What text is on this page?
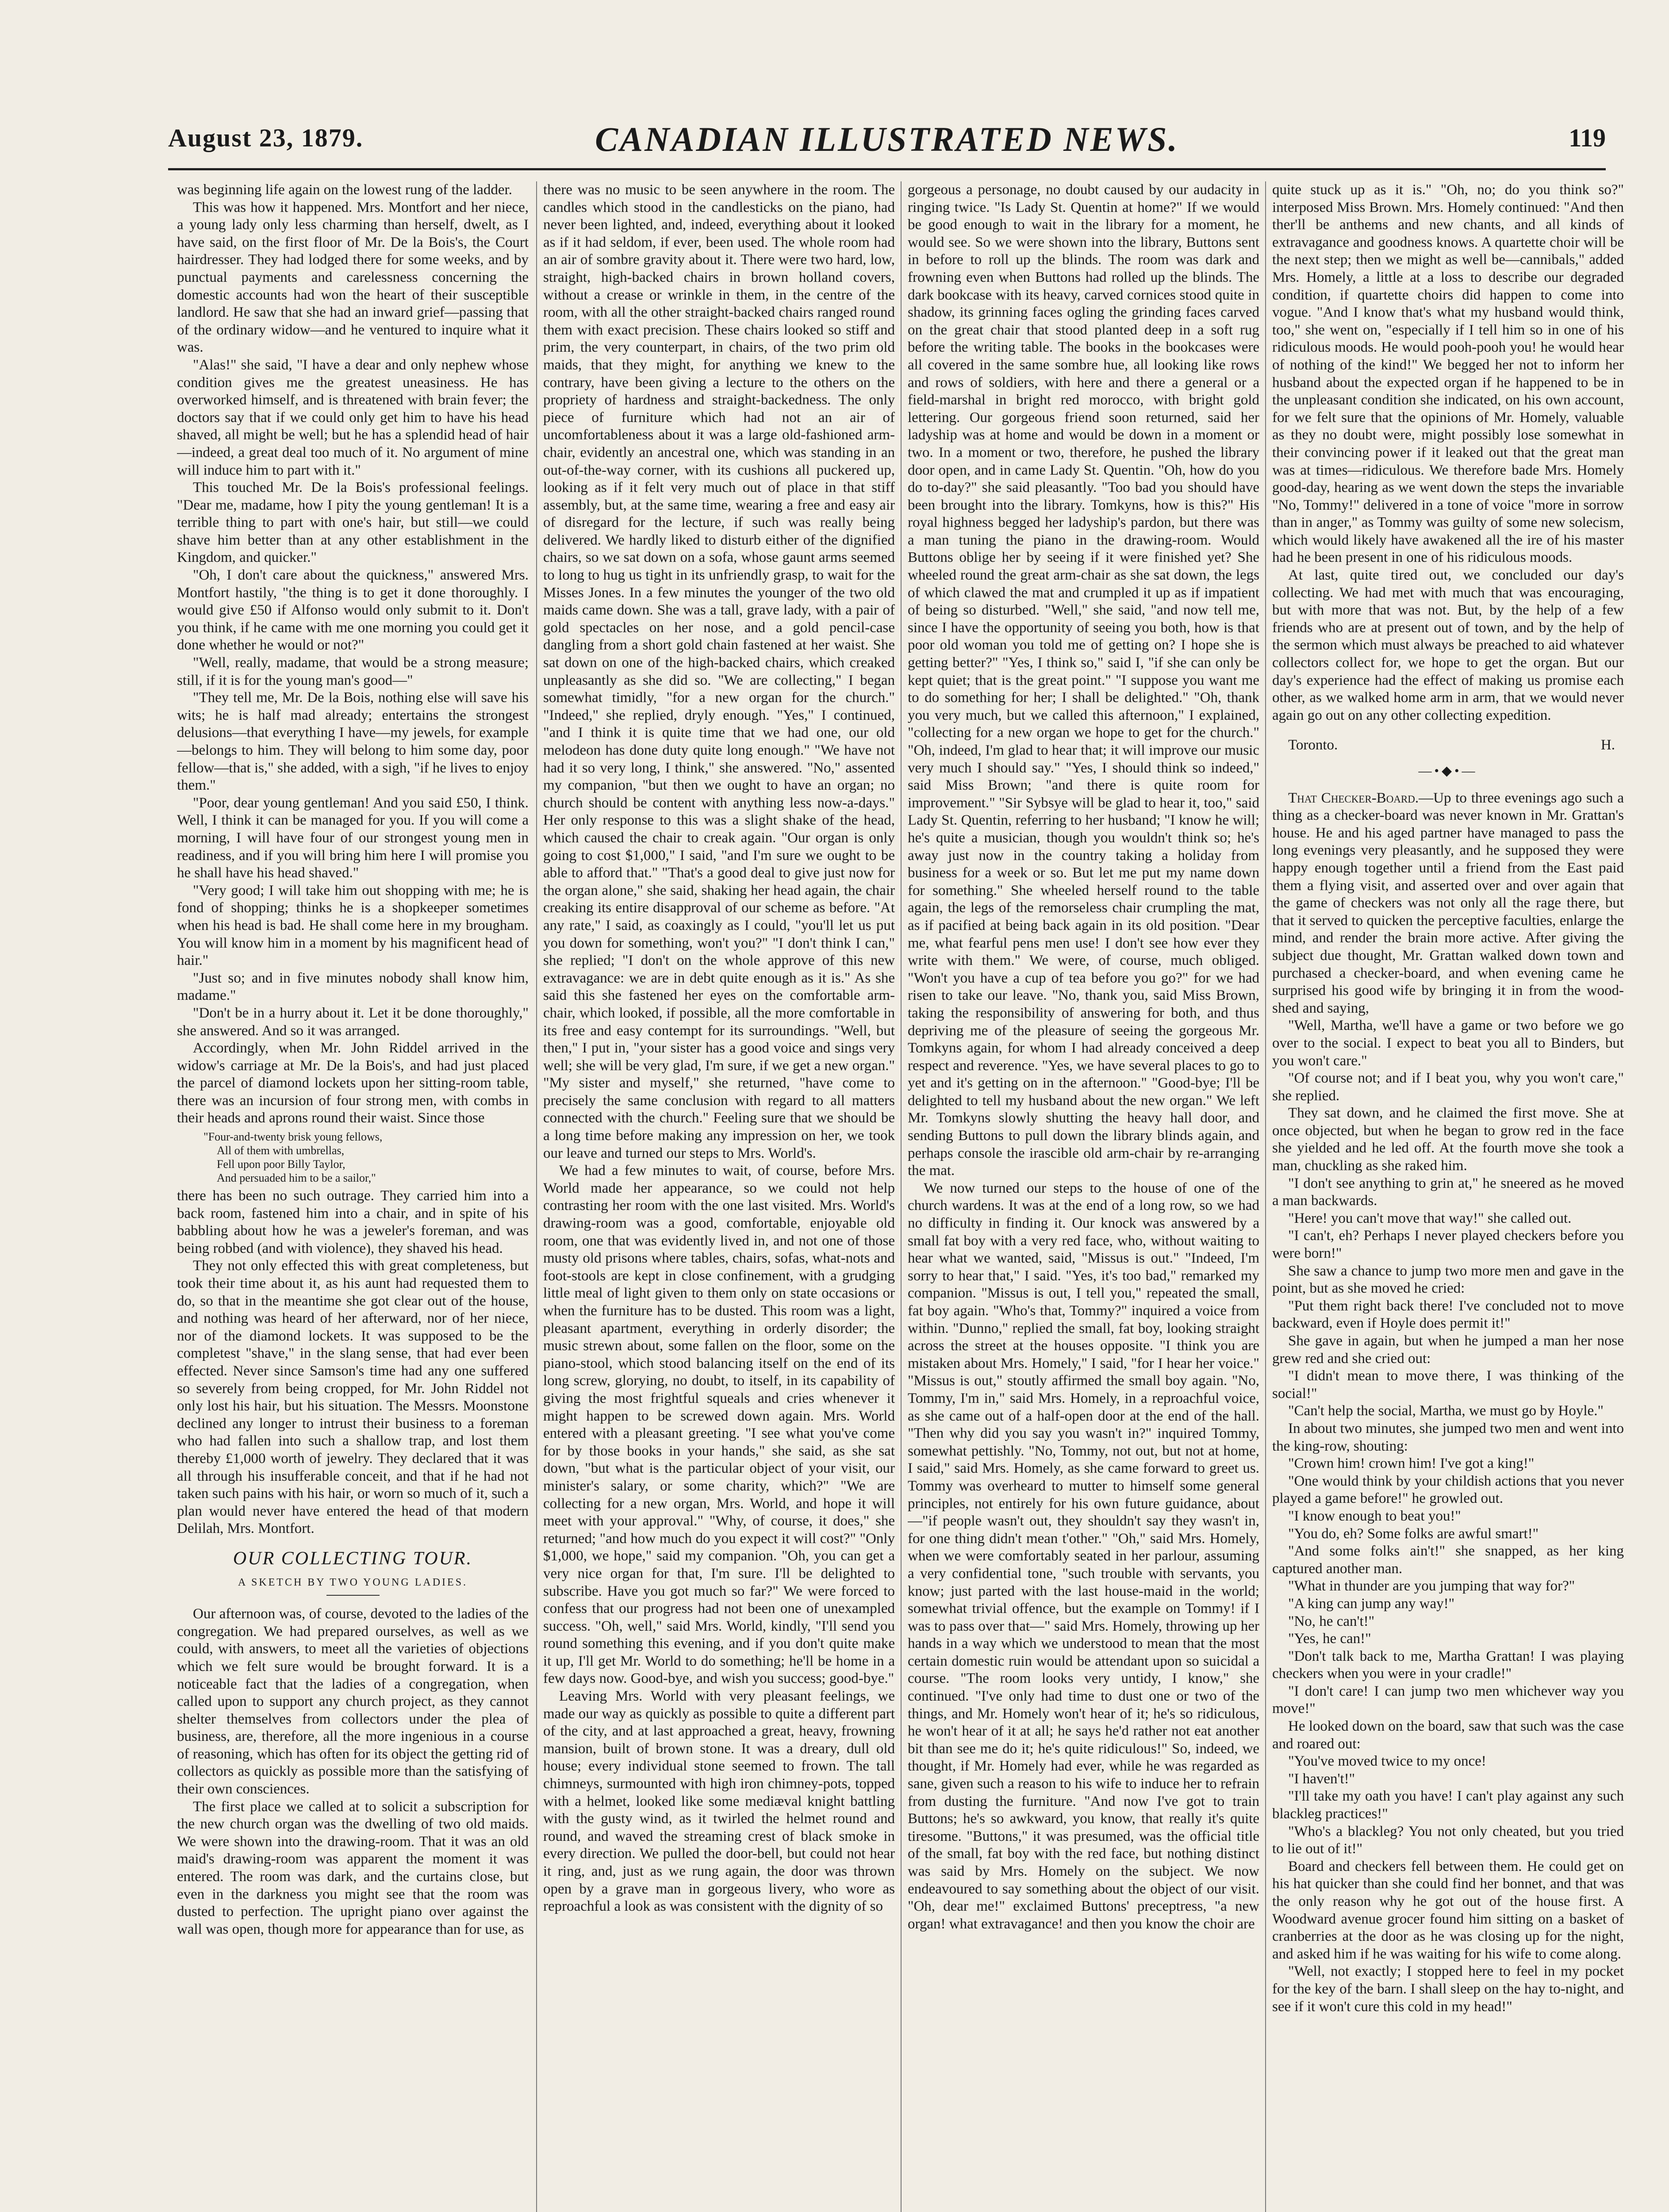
August 23, 1879.	CANADIAN ILLUSTRATED NEWS.	119

was beginning life again on the lowest rung of the ladder.

This was how it happened. Mrs. Montfort and her niece, a young lady only less charming than herself, dwelt, as I have said, on the first floor of Mr. De la Bois's, the Court hairdresser. They had lodged there for some weeks, and by punctual payments and carelessness concerning the domestic accounts had won the heart of their susceptible landlord. He saw that she had an inward grief—passing that of the ordinary widow—and he ventured to inquire what it was.

"Alas!" she said, "I have a dear and only nephew whose condition gives me the greatest uneasiness. He has overworked himself, and is threatened with brain fever; the doctors say that if we could only get him to have his head shaved, all might be well; but he has a splendid head of hair—indeed, a great deal too much of it. No argument of mine will induce him to part with it."

This touched Mr. De la Bois's professional feelings. "Dear me, madame, how I pity the young gentleman! It is a terrible thing to part with one's hair, but still—we could shave him better than at any other establishment in the Kingdom, and quicker."

"Oh, I don't care about the quickness," answered Mrs. Montfort hastily, "the thing is to get it done thoroughly. I would give £50 if Alfonso would only submit to it. Don't you think, if he came with me one morning you could get it done whether he would or not?"

"Well, really, madame, that would be a strong measure; still, if it is for the young man's good—"

"They tell me, Mr. De la Bois, nothing else will save his wits; he is half mad already; entertains the strongest delusions—that everything I have—my jewels, for example—belongs to him. They will belong to him some day, poor fellow—that is," she added, with a sigh, "if he lives to enjoy them."

"Poor, dear young gentleman! And you said £50, I think. Well, I think it can be managed for you. If you will come a morning, I will have four of our strongest young men in readiness, and if you will bring him here I will promise you he shall have his head shaved."

"Very good; I will take him out shopping with me; he is fond of shopping; thinks he is a shopkeeper sometimes when his head is bad. He shall come here in my brougham. You will know him in a moment by his magnificent head of hair."

"Just so; and in five minutes nobody shall know him, madame."

"Don't be in a hurry about it. Let it be done thoroughly," she answered. And so it was arranged.

Accordingly, when Mr. John Riddel arrived in the widow's carriage at Mr. De la Bois's, and had just placed the parcel of diamond lockets upon her sitting-room table, there was an incursion of four strong men, with combs in their heads and aprons round their waist. Since those

"Four-and-twenty brisk young fellows,
All of them with umbrellas,
Fell upon poor Billy Taylor,
And persuaded him to be a sailor,"

there has been no such outrage. They carried him into a back room, fastened him into a chair, and in spite of his babbling about how he was a jeweler's foreman, and was being robbed (and with violence), they shaved his head.

They not only effected this with great completeness, but took their time about it, as his aunt had requested them to do, so that in the meantime she got clear out of the house, and nothing was heard of her afterward, nor of her niece, nor of the diamond lockets. It was supposed to be the completest "shave," in the slang sense, that had ever been effected. Never since Samson's time had any one suffered so severely from being cropped, for Mr. John Riddel not only lost his hair, but his situation. The Messrs. Moonstone declined any longer to intrust their business to a foreman who had fallen into such a shallow trap, and lost them thereby £1,000 worth of jewelry. They declared that it was all through his insufferable conceit, and that if he had not taken such pains with his hair, or worn so much of it, such a plan would never have entered the head of that modern Delilah, Mrs. Montfort.

OUR COLLECTING TOUR.
A SKETCH BY TWO YOUNG LADIES.

Our afternoon was, of course, devoted to the ladies of the congregation. We had prepared ourselves, as well as we could, with answers, to meet all the varieties of objections which we felt sure would be brought forward. It is a noticeable fact that the ladies of a congregation, when called upon to support any church project, as they cannot shelter themselves from collectors under the plea of business, are, therefore, all the more ingenious in a course of reasoning, which has often for its object the getting rid of collectors as quickly as possible more than the satisfying of their own consciences.

The first place we called at to solicit a subscription for the new church organ was the dwelling of two old maids. We were shown into the drawing-room. That it was an old maid's drawing-room was apparent the moment it was entered. The room was dark, and the curtains close, but even in the darkness you might see that the room was dusted to perfection. The upright piano over against the wall was open, though more for appearance than for use, as

there was no music to be seen anywhere in the room. The candles which stood in the candlesticks on the piano, had never been lighted, and, indeed, everything about it looked as if it had seldom, if ever, been used. The whole room had an air of sombre gravity about it. There were two hard, low, straight, high-backed chairs in brown holland covers, without a crease or wrinkle in them, in the centre of the room, with all the other straight-backed chairs ranged round them with exact precision. These chairs looked so stiff and prim, the very counterpart, in chairs, of the two prim old maids, that they might, for anything we knew to the contrary, have been giving a lecture to the others on the propriety of hardness and straight-backedness. The only piece of furniture which had not an air of uncomfortableness about it was a large old-fashioned arm-chair, evidently an ancestral one, which was standing in an out-of-the-way corner, with its cushions all puckered up, looking as if it felt very much out of place in that stiff assembly, but, at the same time, wearing a free and easy air of disregard for the lecture, if such was really being delivered. We hardly liked to disturb either of the dignified chairs, so we sat down on a sofa, whose gaunt arms seemed to long to hug us tight in its unfriendly grasp, to wait for the Misses Jones. In a few minutes the younger of the two old maids came down. She was a tall, grave lady, with a pair of gold spectacles on her nose, and a gold pencil-case dangling from a short gold chain fastened at her waist. She sat down on one of the high-backed chairs, which creaked unpleasantly as she did so. "We are collecting," I began somewhat timidly, "for a new organ for the church." "Indeed," she replied, dryly enough. "Yes," I continued, "and I think it is quite time that we had one, our old melodeon has done duty quite long enough." "We have not had it so very long, I think," she answered. "No," assented my companion, "but then we ought to have an organ; no church should be content with anything less now-a-days." Her only response to this was a slight shake of the head, which caused the chair to creak again. "Our organ is only going to cost $1,000," I said, "and I'm sure we ought to be able to afford that." "That's a good deal to give just now for the organ alone," she said, shaking her head again, the chair creaking its entire disapproval of our scheme as before. "At any rate," I said, as coaxingly as I could, "you'll let us put you down for something, won't you?" "I don't think I can," she replied; "I don't on the whole approve of this new extravagance: we are in debt quite enough as it is." As she said this she fastened her eyes on the comfortable arm-chair, which looked, if possible, all the more comfortable in its free and easy contempt for its surroundings. "Well, but then," I put in, "your sister has a good voice and sings very well; she will be very glad, I'm sure, if we get a new organ." "My sister and myself," she returned, "have come to precisely the same conclusion with regard to all matters connected with the church." Feeling sure that we should be a long time before making any impression on her, we took our leave and turned our steps to Mrs. World's.

We had a few minutes to wait, of course, before Mrs. World made her appearance, so we could not help contrasting her room with the one last visited. Mrs. World's drawing-room was a good, comfortable, enjoyable old room, one that was evidently lived in, and not one of those musty old prisons where tables, chairs, sofas, what-nots and foot-stools are kept in close confinement, with a grudging little meal of light given to them only on state occasions or when the furniture has to be dusted. This room was a light, pleasant apartment, everything in orderly disorder; the music strewn about, some fallen on the floor, some on the piano-stool, which stood balancing itself on the end of its long screw, glorying, no doubt, to itself, in its capability of giving the most frightful squeals and cries whenever it might happen to be screwed down again. Mrs. World entered with a pleasant greeting. "I see what you've come for by those books in your hands," she said, as she sat down, "but what is the particular object of your visit, our minister's salary, or some charity, which?" "We are collecting for a new organ, Mrs. World, and hope it will meet with your approval." "Why, of course, it does," she returned; "and how much do you expect it will cost?" "Only $1,000, we hope," said my companion. "Oh, you can get a very nice organ for that, I'm sure. I'll be delighted to subscribe. Have you got much so far?" We were forced to confess that our progress had not been one of unexampled success. "Oh, well," said Mrs. World, kindly, "I'll send you round something this evening, and if you don't quite make it up, I'll get Mr. World to do something; he'll be home in a few days now. Good-bye, and wish you success; good-bye."

Leaving Mrs. World with very pleasant feelings, we made our way as quickly as possible to quite a different part of the city, and at last approached a great, heavy, frowning mansion, built of brown stone. It was a dreary, dull old house; every individual stone seemed to frown. The tall chimneys, surmounted with high iron chimney-pots, topped with a helmet, looked like some mediæval knight battling with the gusty wind, as it twirled the helmet round and round, and waved the streaming crest of black smoke in every direction. We pulled the door-bell, but could not hear it ring, and, just as we rung again, the door was thrown open by a grave man in gorgeous livery, who wore as reproachful a look as was consistent with the dignity of so

gorgeous a personage, no doubt caused by our audacity in ringing twice. "Is Lady St. Quentin at home?" If we would be good enough to wait in the library for a moment, he would see. So we were shown into the library, Buttons sent in before to roll up the blinds. The room was dark and frowning even when Buttons had rolled up the blinds. The dark bookcase with its heavy, carved cornices stood quite in shadow, its grinning faces ogling the grinding faces carved on the great chair that stood planted deep in a soft rug before the writing table. The books in the bookcases were all covered in the same sombre hue, all looking like rows and rows of soldiers, with here and there a general or a field-marshal in bright red morocco, with bright gold lettering. Our gorgeous friend soon returned, said her ladyship was at home and would be down in a moment or two. In a moment or two, therefore, he pushed the library door open, and in came Lady St. Quentin. "Oh, how do you do to-day?" she said pleasantly. "Too bad you should have been brought into the library. Tomkyns, how is this?" His royal highness begged her ladyship's pardon, but there was a man tuning the piano in the drawing-room. Would Buttons oblige her by seeing if it were finished yet? She wheeled round the great arm-chair as she sat down, the legs of which clawed the mat and crumpled it up as if impatient of being so disturbed. "Well," she said, "and now tell me, since I have the opportunity of seeing you both, how is that poor old woman you told me of getting on? I hope she is getting better?" "Yes, I think so," said I, "if she can only be kept quiet; that is the great point." "I suppose you want me to do something for her; I shall be delighted." "Oh, thank you very much, but we called this afternoon," I explained, "collecting for a new organ we hope to get for the church." "Oh, indeed, I'm glad to hear that; it will improve our music very much I should say." "Yes, I should think so indeed," said Miss Brown; "and there is quite room for improvement." "Sir Sybsye will be glad to hear it, too," said Lady St. Quentin, referring to her husband; "I know he will; he's quite a musician, though you wouldn't think so; he's away just now in the country taking a holiday from business for a week or so. But let me put my name down for something." She wheeled herself round to the table again, the legs of the remorseless chair crumpling the mat, as if pacified at being back again in its old position. "Dear me, what fearful pens men use! I don't see how ever they write with them." We were, of course, much obliged. "Won't you have a cup of tea before you go?" for we had risen to take our leave. "No, thank you, said Miss Brown, taking the responsibility of answering for both, and thus depriving me of the pleasure of seeing the gorgeous Mr. Tomkyns again, for whom I had already conceived a deep respect and reverence. "Yes, we have several places to go to yet and it's getting on in the afternoon." "Good-bye; I'll be delighted to tell my husband about the new organ." We left Mr. Tomkyns slowly shutting the heavy hall door, and sending Buttons to pull down the library blinds again, and perhaps console the irascible old arm-chair by re-arranging the mat.

We now turned our steps to the house of one of the church wardens. It was at the end of a long row, so we had no difficulty in finding it. Our knock was answered by a small fat boy with a very red face, who, without waiting to hear what we wanted, said, "Missus is out." "Indeed, I'm sorry to hear that," I said. "Yes, it's too bad," remarked my companion. "Missus is out, I tell you," repeated the small, fat boy again. "Who's that, Tommy?" inquired a voice from within. "Dunno," replied the small, fat boy, looking straight across the street at the houses opposite. "I think you are mistaken about Mrs. Homely," I said, "for I hear her voice." "Missus is out," stoutly affirmed the small boy again. "No, Tommy, I'm in," said Mrs. Homely, in a reproachful voice, as she came out of a half-open door at the end of the hall. "Then why did you say you wasn't in?" inquired Tommy, somewhat pettishly. "No, Tommy, not out, but not at home, I said," said Mrs. Homely, as she came forward to greet us. Tommy was overheard to mutter to himself some general principles, not entirely for his own future guidance, about—"if people wasn't out, they shouldn't say they wasn't in, for one thing didn't mean t'other." "Oh," said Mrs. Homely, when we were comfortably seated in her parlour, assuming a very confidential tone, "such trouble with servants, you know; just parted with the last house-maid in the world; somewhat trivial offence, but the example on Tommy! if I was to pass over that—" said Mrs. Homely, throwing up her hands in a way which we understood to mean that the most certain domestic ruin would be attendant upon so suicidal a course. "The room looks very untidy, I know," she continued. "I've only had time to dust one or two of the things, and Mr. Homely won't hear of it; he's so ridiculous, he won't hear of it at all; he says he'd rather not eat another bit than see me do it; he's quite ridiculous!" So, indeed, we thought, if Mr. Homely had ever, while he was regarded as sane, given such a reason to his wife to induce her to refrain from dusting the furniture. "And now I've got to train Buttons; he's so awkward, you know, that really it's quite tiresome. "Buttons," it was presumed, was the official title of the small, fat boy with the red face, but nothing distinct was said by Mrs. Homely on the subject. We now endeavoured to say something about the object of our visit. "Oh, dear me!" exclaimed Buttons' preceptress, "a new organ! what extravagance! and then you know the choir are

quite stuck up as it is." "Oh, no; do you think so?" interposed Miss Brown. Mrs. Homely continued: "And then ther'll be anthems and new chants, and all kinds of extravagance and goodness knows. A quartette choir will be the next step; then we might as well be—cannibals," added Mrs. Homely, a little at a loss to describe our degraded condition, if quartette choirs did happen to come into vogue. "And I know that's what my husband would think, too," she went on, "especially if I tell him so in one of his ridiculous moods. He would pooh-pooh you! he would hear of nothing of the kind!" We begged her not to inform her husband about the expected organ if he happened to be in the unpleasant condition she indicated, on his own account, for we felt sure that the opinions of Mr. Homely, valuable as they no doubt were, might possibly lose somewhat in their convincing power if it leaked out that the great man was at times—ridiculous. We therefore bade Mrs. Homely good-day, hearing as we went down the steps the invariable "No, Tommy!" delivered in a tone of voice "more in sorrow than in anger," as Tommy was guilty of some new solecism, which would likely have awakened all the ire of his master had he been present in one of his ridiculous moods.

At last, quite tired out, we concluded our day's collecting. We had met with much that was encouraging, but with more that was not. But, by the help of a few friends who are at present out of town, and by the help of the sermon which must always be preached to aid whatever collectors collect for, we hope to get the organ. But our day's experience had the effect of making us promise each other, as we walked home arm in arm, that we would never again go out on any other collecting expedition.

Toronto.	H.
—•◆•—

That Checker-Board.—Up to three evenings ago such a thing as a checker-board was never known in Mr. Grattan's house. He and his aged partner have managed to pass the long evenings very pleasantly, and he supposed they were happy enough together until a friend from the East paid them a flying visit, and asserted over and over again that the game of checkers was not only all the rage there, but that it served to quicken the perceptive faculties, enlarge the mind, and render the brain more active. After giving the subject due thought, Mr. Grattan walked down town and purchased a checker-board, and when evening came he surprised his good wife by bringing it in from the wood-shed and saying,

"Well, Martha, we'll have a game or two before we go over to the social. I expect to beat you all to Binders, but you won't care."

"Of course not; and if I beat you, why you won't care," she replied.

They sat down, and he claimed the first move. She at once objected, but when he began to grow red in the face she yielded and he led off. At the fourth move she took a man, chuckling as she raked him.

"I don't see anything to grin at," he sneered as he moved a man backwards.

"Here! you can't move that way!" she called out.

"I can't, eh? Perhaps I never played checkers before you were born!"

She saw a chance to jump two more men and gave in the point, but as she moved he cried:

"Put them right back there! I've concluded not to move backward, even if Hoyle does permit it!"

She gave in again, but when he jumped a man her nose grew red and she cried out:

"I didn't mean to move there, I was thinking of the social!"

"Can't help the social, Martha, we must go by Hoyle."

In about two minutes, she jumped two men and went into the king-row, shouting:

"Crown him! crown him! I've got a king!"

"One would think by your childish actions that you never played a game before!" he growled out.

"I know enough to beat you!"

"You do, eh? Some folks are awful smart!"

"And some folks ain't!" she snapped, as her king captured another man.

"What in thunder are you jumping that way for?"

"A king can jump any way!"

"No, he can't!"

"Yes, he can!"

"Don't talk back to me, Martha Grattan! I was playing checkers when you were in your cradle!"

"I don't care! I can jump two men whichever way you move!"

He looked down on the board, saw that such was the case and roared out:

"You've moved twice to my once!

"I haven't!"

"I'll take my oath you have! I can't play against any such blackleg practices!"

"Who's a blackleg? You not only cheated, but you tried to lie out of it!"

Board and checkers fell between them. He could get on his hat quicker than she could find her bonnet, and that was the only reason why he got out of the house first. A Woodward avenue grocer found him sitting on a basket of cranberries at the door as he was closing up for the night, and asked him if he was waiting for his wife to come along.

"Well, not exactly; I stopped here to feel in my pocket for the key of the barn. I shall sleep on the hay to-night, and see if it won't cure this cold in my head!"
